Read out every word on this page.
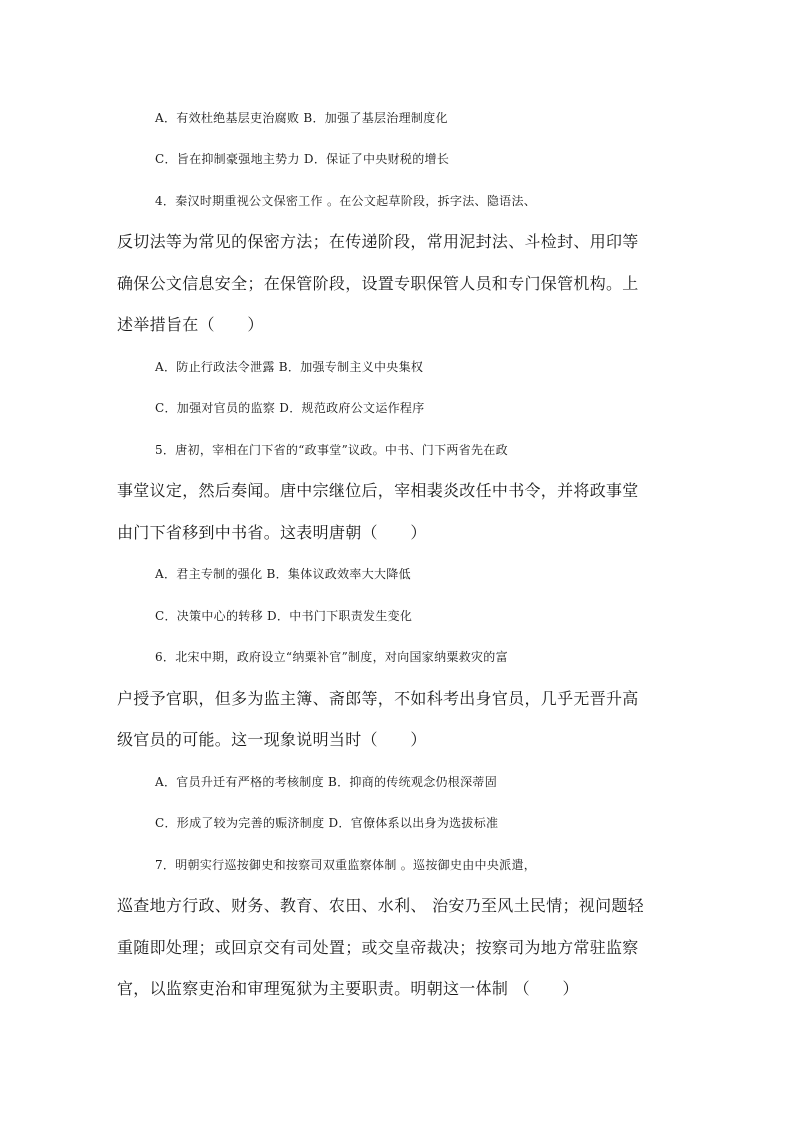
A．有效杜绝基层吏治腐败 B．加强了基层治理制度化
C．旨在抑制豪强地主势力 D．保证了中央财税的增长
4．秦汉时期重视公文保密工作 。在公文起草阶段，拆字法、隐语法、
反切法等为常见的保密方法；在传递阶段，常用泥封法、斗检封、用印等
确保公文信息安全；在保管阶段，设置专职保管人员和专门保管机构。上
述举措旨在（　　）
A．防止行政法令泄露 B．加强专制主义中央集权
C．加强对官员的监察 D．规范政府公文运作程序
5．唐初，宰相在门下省的“政事堂”议政。中书、门下两省先在政
事堂议定，然后奏闻。唐中宗继位后，宰相裴炎改任中书令，并将政事堂
由门下省移到中书省。这表明唐朝（　　）
A．君主专制的强化 B．集体议政效率大大降低
C．决策中心的转移 D．中书门下职责发生变化
6．北宋中期，政府设立“纳粟补官”制度，对向国家纳粟救灾的富
户授予官职，但多为监主簿、斋郎等，不如科考出身官员，几乎无晋升高
级官员的可能。这一现象说明当时（　　）
A．官员升迁有严格的考核制度 B．抑商的传统观念仍根深蒂固
C．形成了较为完善的赈济制度 D．官僚体系以出身为选拔标准
7．明朝实行巡按御史和按察司双重监察体制 。巡按御史由中央派遣，
巡查地方行政、财务、教育、农田、水利、 治安乃至风土民情；视问题轻
重随即处理；或回京交有司处置；或交皇帝裁决；按察司为地方常驻监察
官，以监察吏治和审理冤狱为主要职责。明朝这一体制 （　　）
